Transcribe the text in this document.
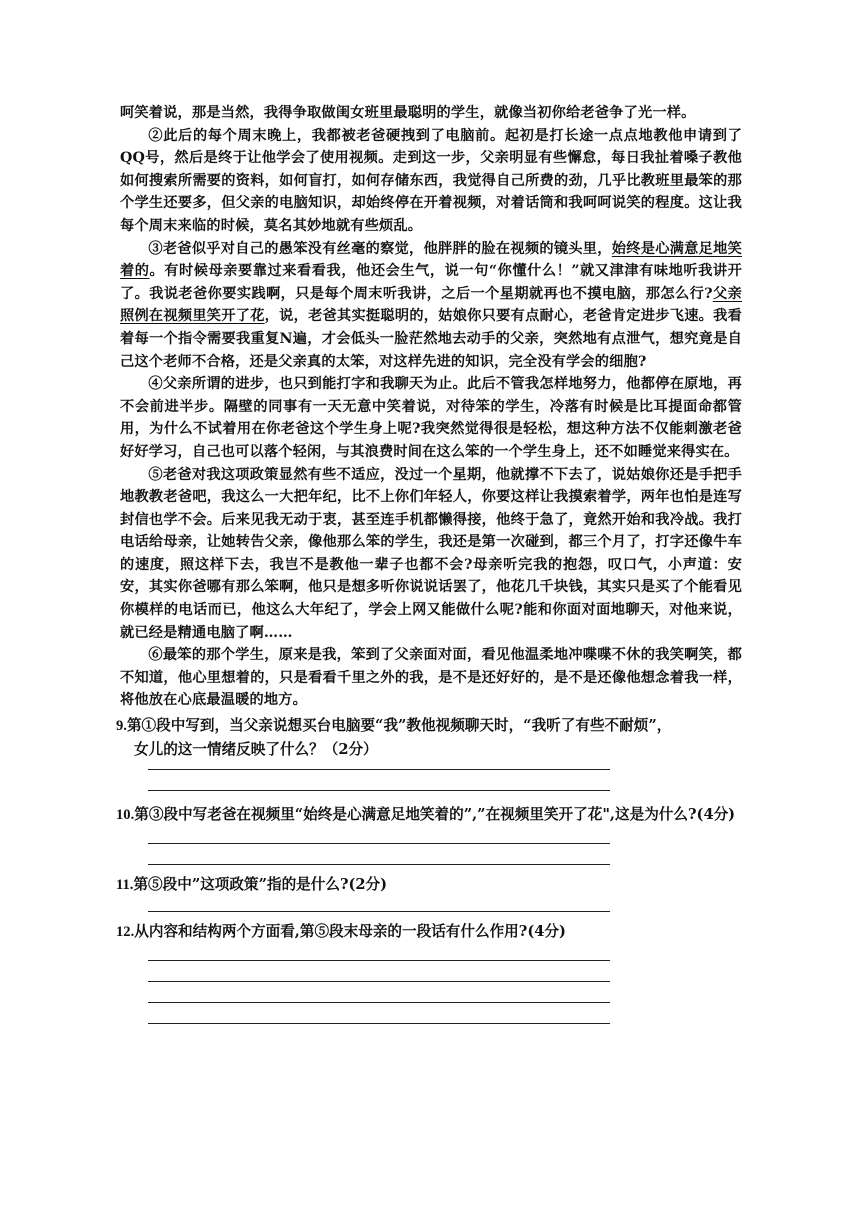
呵笑着说，那是当然，我得争取做闺女班里最聪明的学生，就像当初你给老爸争了光一样。

②此后的每个周末晚上，我都被老爸硬拽到了电脑前。起初是打长途一点点地教他申请到了QQ号，然后是终于让他学会了使用视频。走到这一步，父亲明显有些懈怠，每日我扯着嗓子教他如何搜索所需要的资料，如何盲打，如何存储东西，我觉得自己所费的劲，几乎比教班里最笨的那个学生还要多，但父亲的电脑知识，却始终停在开着视频，对着话筒和我呵呵说笑的程度。这让我每个周末来临的时候，莫名其妙地就有些烦乱。

③老爸似乎对自己的愚笨没有丝毫的察觉，他胖胖的脸在视频的镜头里，始终是心满意足地笑着的。有时候母亲要靠过来看看我，他还会生气，说一句“你懂什么！”就又津津有味地听我讲开了。我说老爸你要实践啊，只是每个周末听我讲，之后一个星期就再也不摸电脑，那怎么行?父亲照例在视频里笑开了花，说，老爸其实挺聪明的，姑娘你只要有点耐心，老爸肯定进步飞速。我看着每一个指令需要我重复N遍，才会低头一脸茫然地去动手的父亲，突然地有点泄气，想究竟是自己这个老师不合格，还是父亲真的太笨，对这样先进的知识，完全没有学会的细胞?

④父亲所谓的进步，也只到能打字和我聊天为止。此后不管我怎样地努力，他都停在原地，再不会前进半步。隔壁的同事有一天无意中笑着说，对待笨的学生，冷落有时候是比耳提面命都管用，为什么不试着用在你老爸这个学生身上呢?我突然觉得很是轻松，想这种方法不仅能刺激老爸好好学习，自己也可以落个轻闲，与其浪费时间在这么笨的一个学生身上，还不如睡觉来得实在。

⑤老爸对我这项政策显然有些不适应，没过一个星期，他就撑不下去了，说姑娘你还是手把手地教教老爸吧，我这么一大把年纪，比不上你们年轻人，你要这样让我摸索着学，两年也怕是连写封信也学不会。后来见我无动于衷，甚至连手机都懒得接，他终于急了，竟然开始和我冷战。我打电话给母亲，让她转告父亲，像他那么笨的学生，我还是第一次碰到，都三个月了，打字还像牛车的速度，照这样下去，我岂不是教他一辈子也都不会?母亲听完我的抱怨，叹口气，小声道：安安，其实你爸哪有那么笨啊，他只是想多听你说说话罢了，他花几千块钱，其实只是买了个能看见你模样的电话而已，他这么大年纪了，学会上网又能做什么呢?能和你面对面地聊天，对他来说，就已经是精通电脑了啊……

⑥最笨的那个学生，原来是我，笨到了父亲面对面，看见他温柔地冲喋喋不休的我笑啊笑，都不知道，他心里想着的，只是看看千里之外的我，是不是还好好的，是不是还像他想念着我一样，将他放在心底最温暖的地方。

9.第①段中写到，当父亲说想买台电脑要“我”教他视频聊天时，“我听了有些不耐烦”，

女儿的这一情绪反映了什么？（2分）

10.第③段中写老爸在视频里“始终是心满意足地笑着的”,”在视频里笑开了花",这是为什么?(4分)

11.第⑤段中”这项政策”指的是什么?(2分)

12.从内容和结构两个方面看,第⑤段末母亲的一段话有什么作用?(4分)
